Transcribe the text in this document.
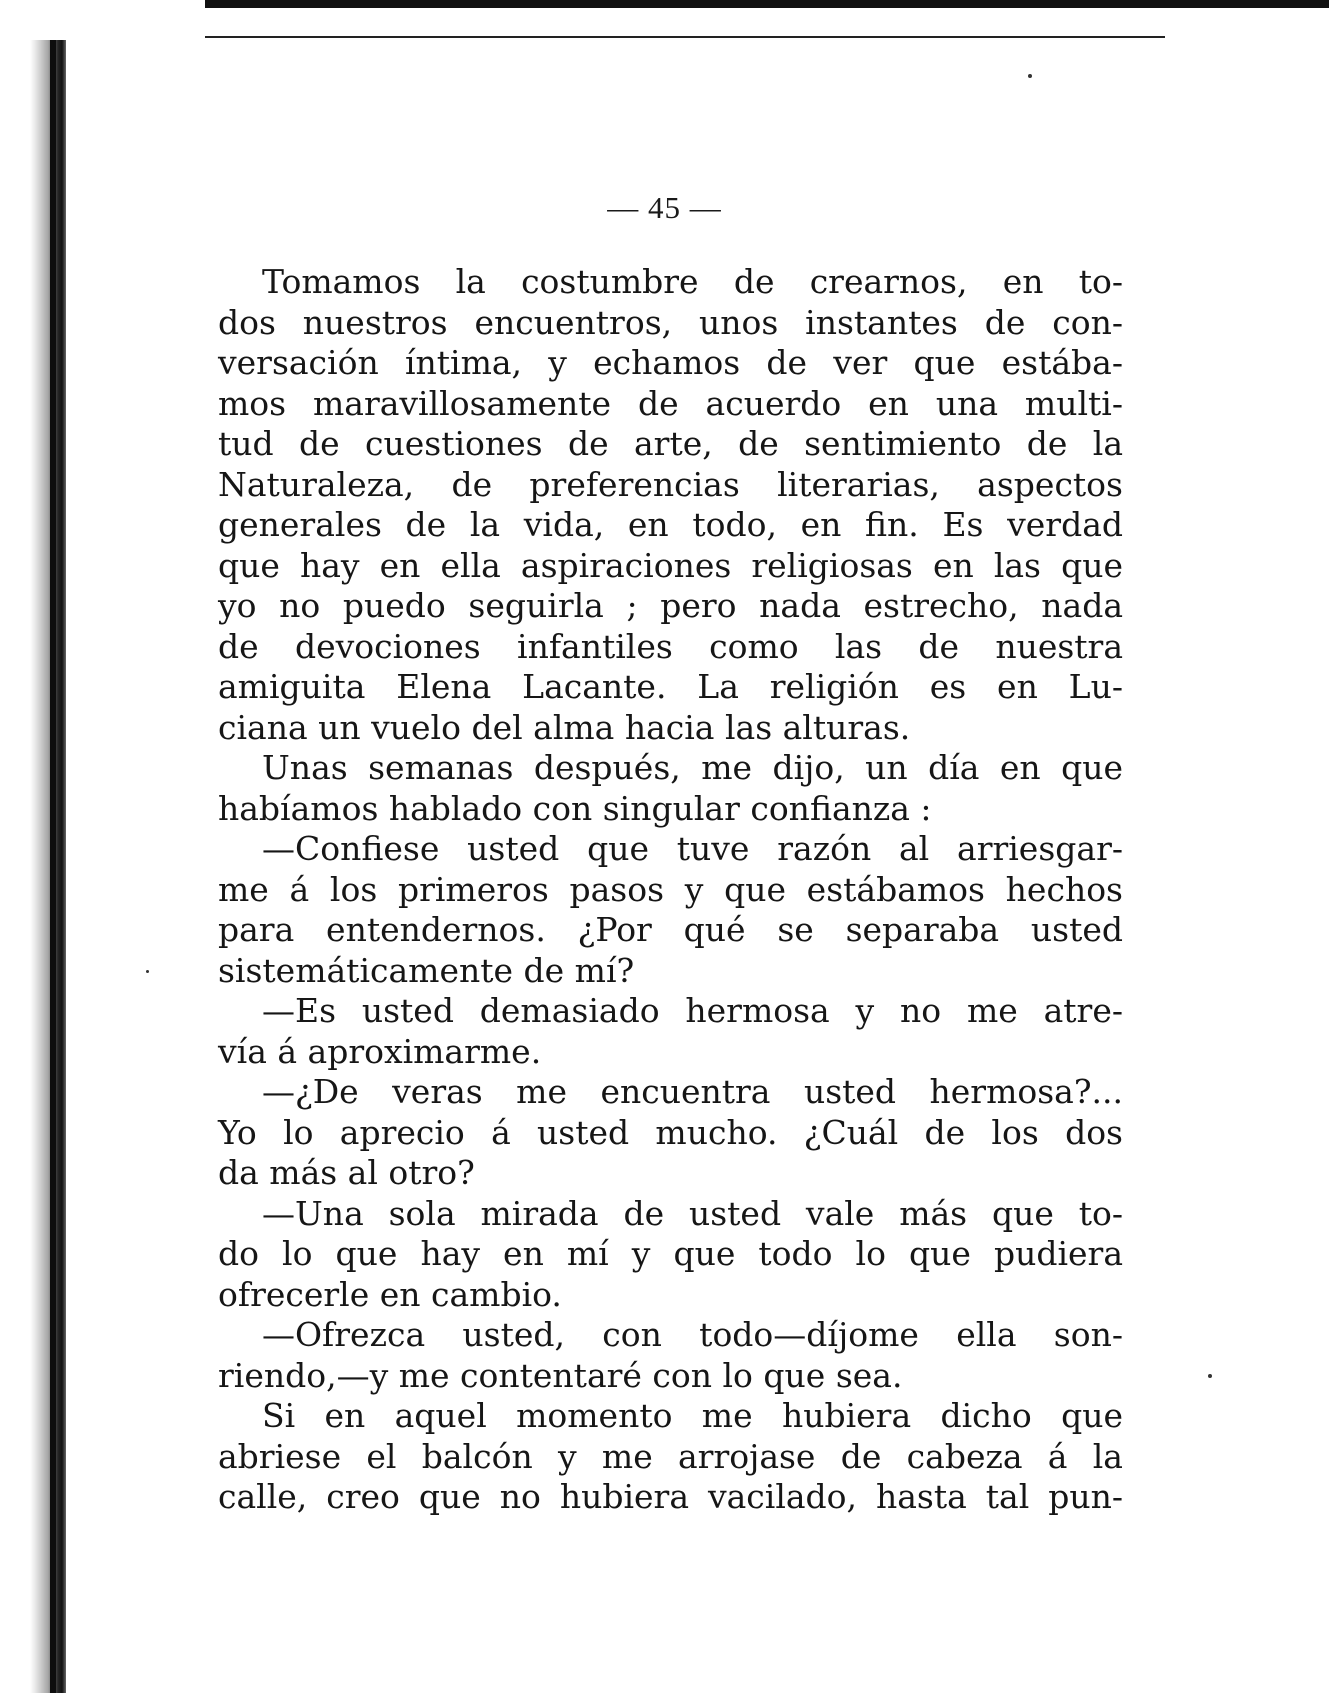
— 45 —
Tomamos la costumbre de crearnos, en to-
dos nuestros encuentros, unos instantes de con-
versación íntima, y echamos de ver que estába-
mos maravillosamente de acuerdo en una multi-
tud de cuestiones de arte, de sentimiento de la
Naturaleza, de preferencias literarias, aspectos
generales de la vida, en todo, en fin. Es verdad
que hay en ella aspiraciones religiosas en las que
yo no puedo seguirla ; pero nada estrecho, nada
de devociones infantiles como las de nuestra
amiguita Elena Lacante. La religión es en Lu-
ciana un vuelo del alma hacia las alturas.
Unas semanas después, me dijo, un día en que
habíamos hablado con singular confianza :
—Confiese usted que tuve razón al arriesgar-
me á los primeros pasos y que estábamos hechos
para entendernos. ¿Por qué se separaba usted
sistemáticamente de mí?
—Es usted demasiado hermosa y no me atre-
vía á aproximarme.
—¿De veras me encuentra usted hermosa?...
Yo lo aprecio á usted mucho. ¿Cuál de los dos
da más al otro?
—Una sola mirada de usted vale más que to-
do lo que hay en mí y que todo lo que pudiera
ofrecerle en cambio.
—Ofrezca usted, con todo—díjome ella son-
riendo,—y me contentaré con lo que sea.
Si en aquel momento me hubiera dicho que
abriese el balcón y me arrojase de cabeza á la
calle, creo que no hubiera vacilado, hasta tal pun-
